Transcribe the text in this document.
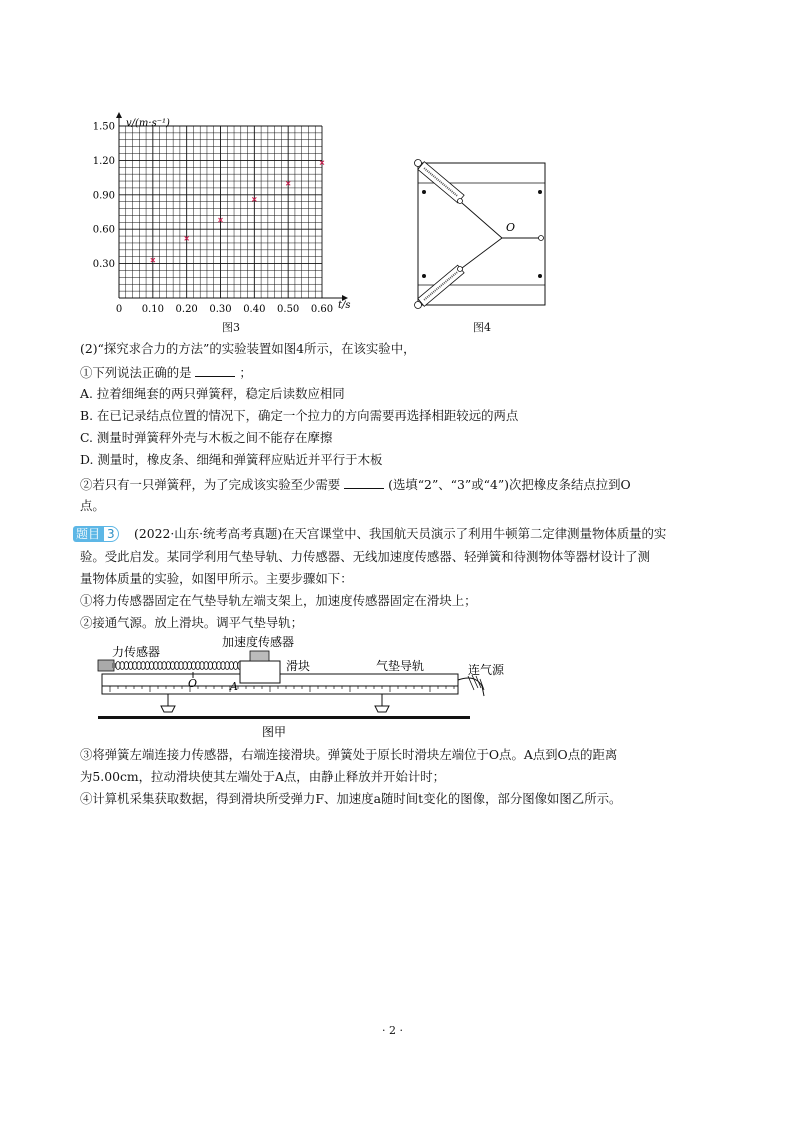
0 0.10 0.20 0.30 0.40 0.50 0.60
0.30
0.60
0.90
1.20
1.50 v/(m·s⁻¹)
t/s
图3
O
图4
(2)“探究求合力的方法”的实验装置如图4所示，在该实验中，
①下列说法正确的是	；
A. 拉着细绳套的两只弹簧秤，稳定后读数应相同
B. 在已记录结点位置的情况下，确定一个拉力的方向需要再选择相距较远的两点
C. 测量时弹簧秤外壳与木板之间不能存在摩擦
D. 测量时，橡皮条、细绳和弹簧秤应贴近并平行于木板
②若只有一只弹簧秤，为了完成该实验至少需要	(选填“2”、“3”或“4”)次把橡皮条结点拉到O
点。
题目 3	(2022·山东·统考高考真题)在天宫课堂中、我国航天员演示了利用牛顿第二定律测量物体质量的实
验。受此启发。某同学利用气垫导轨、力传感器、无线加速度传感器、轻弹簧和待测物体等器材设计了测
量物体质量的实验，如图甲所示。主要步骤如下：
①将力传感器固定在气垫导轨左端支架上，加速度传感器固定在滑块上；
②接通气源。放上滑块。调平气垫导轨；
力传感器
加速度传感器
滑块	气垫导轨	连气源
O	A
图甲
③将弹簧左端连接力传感器，右端连接滑块。弹簧处于原长时滑块左端位于O点。A点到O点的距离
为5.00cm，拉动滑块使其左端处于A点，由静止释放并开始计时；
④计算机采集获取数据，得到滑块所受弹力F、加速度a随时间t变化的图像，部分图像如图乙所示。
· 2 ·
